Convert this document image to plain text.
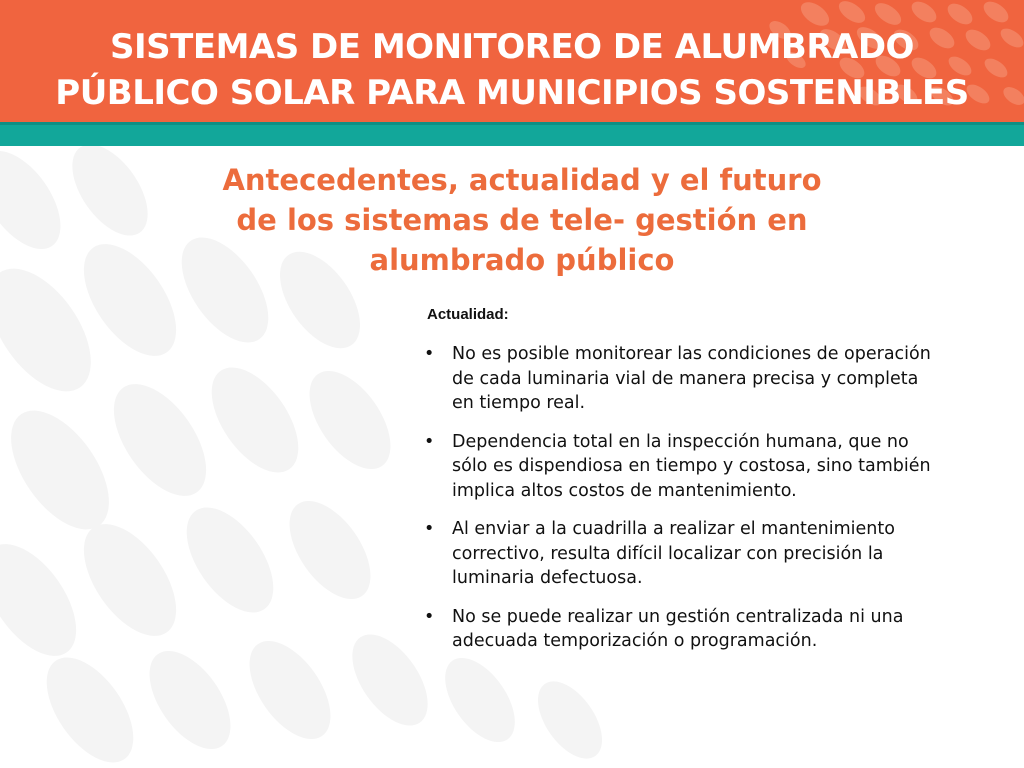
SISTEMAS DE MONITOREO DE ALUMBRADO
PÚBLICO SOLAR PARA MUNICIPIOS SOSTENIBLES
Antecedentes, actualidad y el futuro
de los sistemas de tele- gestión en
alumbrado público

Actualidad:

• No es posible monitorear las condiciones de operación de cada luminaria vial de manera precisa y completa en tiempo real.
• Dependencia total en la inspección humana, que no sólo es dispendiosa en tiempo y costosa, sino también implica altos costos de mantenimiento.
• Al enviar a la cuadrilla a realizar el mantenimiento correctivo, resulta difícil localizar con precisión la luminaria defectuosa.
• No se puede realizar un gestión centralizada ni una adecuada temporización o programación.
